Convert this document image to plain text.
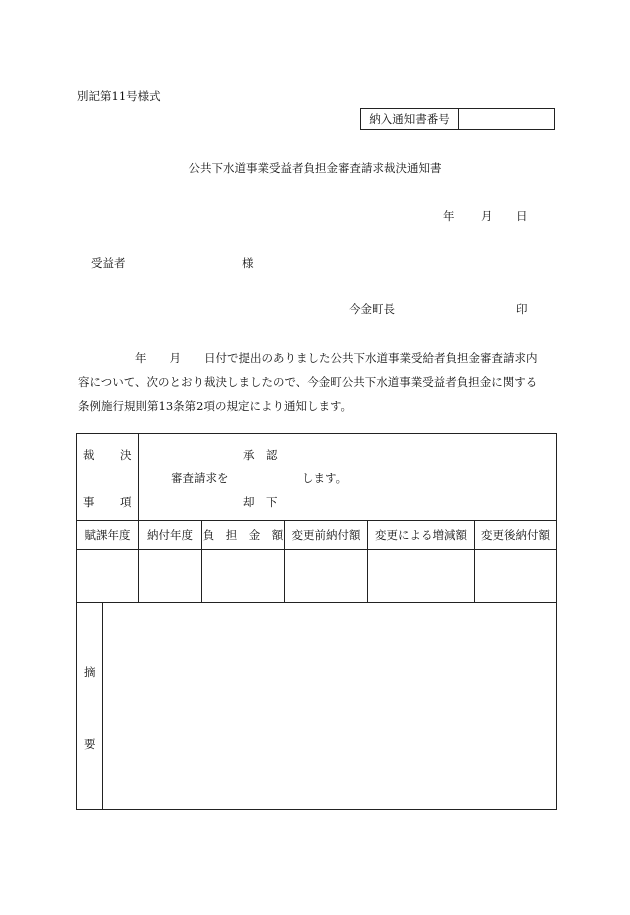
別記第11号様式
納入通知書番号
公共下水道事業受益者負担金審査請求裁決通知書
年 月 日
受益者	様
今金町長	印
年　　月　　日付で提出のありました公共下水道事業受給者負担金審査請求内
容について、次のとおり裁決しましたので、今金町公共下水道事業受益者負担金に関する
条例施行規則第13条第2項の規定により通知します。
裁 決
事 項
承　認
審査請求を	します。
却　下
賦課年度	納付年度 負　担　金　額 変更前納付額	変更による増減額	変更後納付額
摘
要
